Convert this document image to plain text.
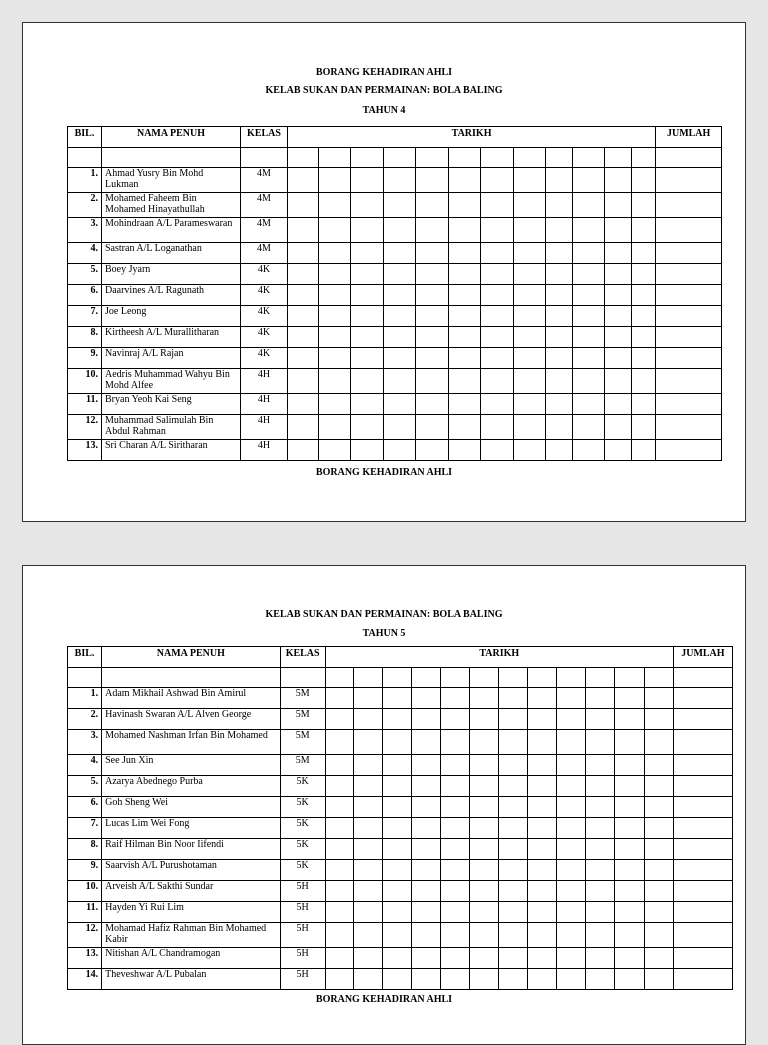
BORANG KEHADIRAN AHLI
KELAB SUKAN DAN PERMAINAN: BOLA BALING
TAHUN 4
BIL.	NAMA PENUH	KELAS	TARIKH												JUMLAH

1.	Ahmad Yusry Bin Mohd Lukman	4M													
2.	Mohamed Faheem Bin Mohamed Hinayathullah	4M													
3.	Mohindraan A/L Parameswaran	4M													
4.	Sastran A/L Loganathan	4M													
5.	Boey Jyarn	4K													
6.	Daarvines A/L Ragunath	4K													
7.	Joe Leong	4K													
8.	Kirtheesh A/L Murallitharan	4K													
9.	Navinraj A/L Rajan	4K													
10.	Aedris Muhammad Wahyu Bin Mohd Alfee	4H													
11.	Bryan Yeoh Kai Seng	4H													
12.	Muhammad Salimulah Bin Abdul Rahman	4H													
13.	Sri Charan A/L Siritharan	4H													
BORANG KEHADIRAN AHLI
KELAB SUKAN DAN PERMAINAN: BOLA BALING
TAHUN 5
BIL.	NAMA PENUH	KELAS	TARIKH												JUMLAH

1.	Adam Mikhail Ashwad Bin Amirul	5M													
2.	Havinash Swaran A/L Alven George	5M													
3.	Mohamed Nashman Irfan Bin Mohamed	5M													
4.	See Jun Xin	5M													
5.	Azarya Abednego Purba	5K													
6.	Goh Sheng Wei	5K													
7.	Lucas Lim Wei Fong	5K													
8.	Raif Hilman Bin Noor Iifendi	5K													
9.	Saarvish A/L Purushotaman	5K													
10.	Arveish A/L Sakthi Sundar	5H													
11.	Hayden Yi Rui Lim	5H													
12.	Mohamad Hafiz Rahman Bin Mohamed Kabir	5H													
13.	Nitishan A/L Chandramogan	5H													
14.	Theveshwar A/L Pubalan	5H													
BORANG KEHADIRAN AHLI
